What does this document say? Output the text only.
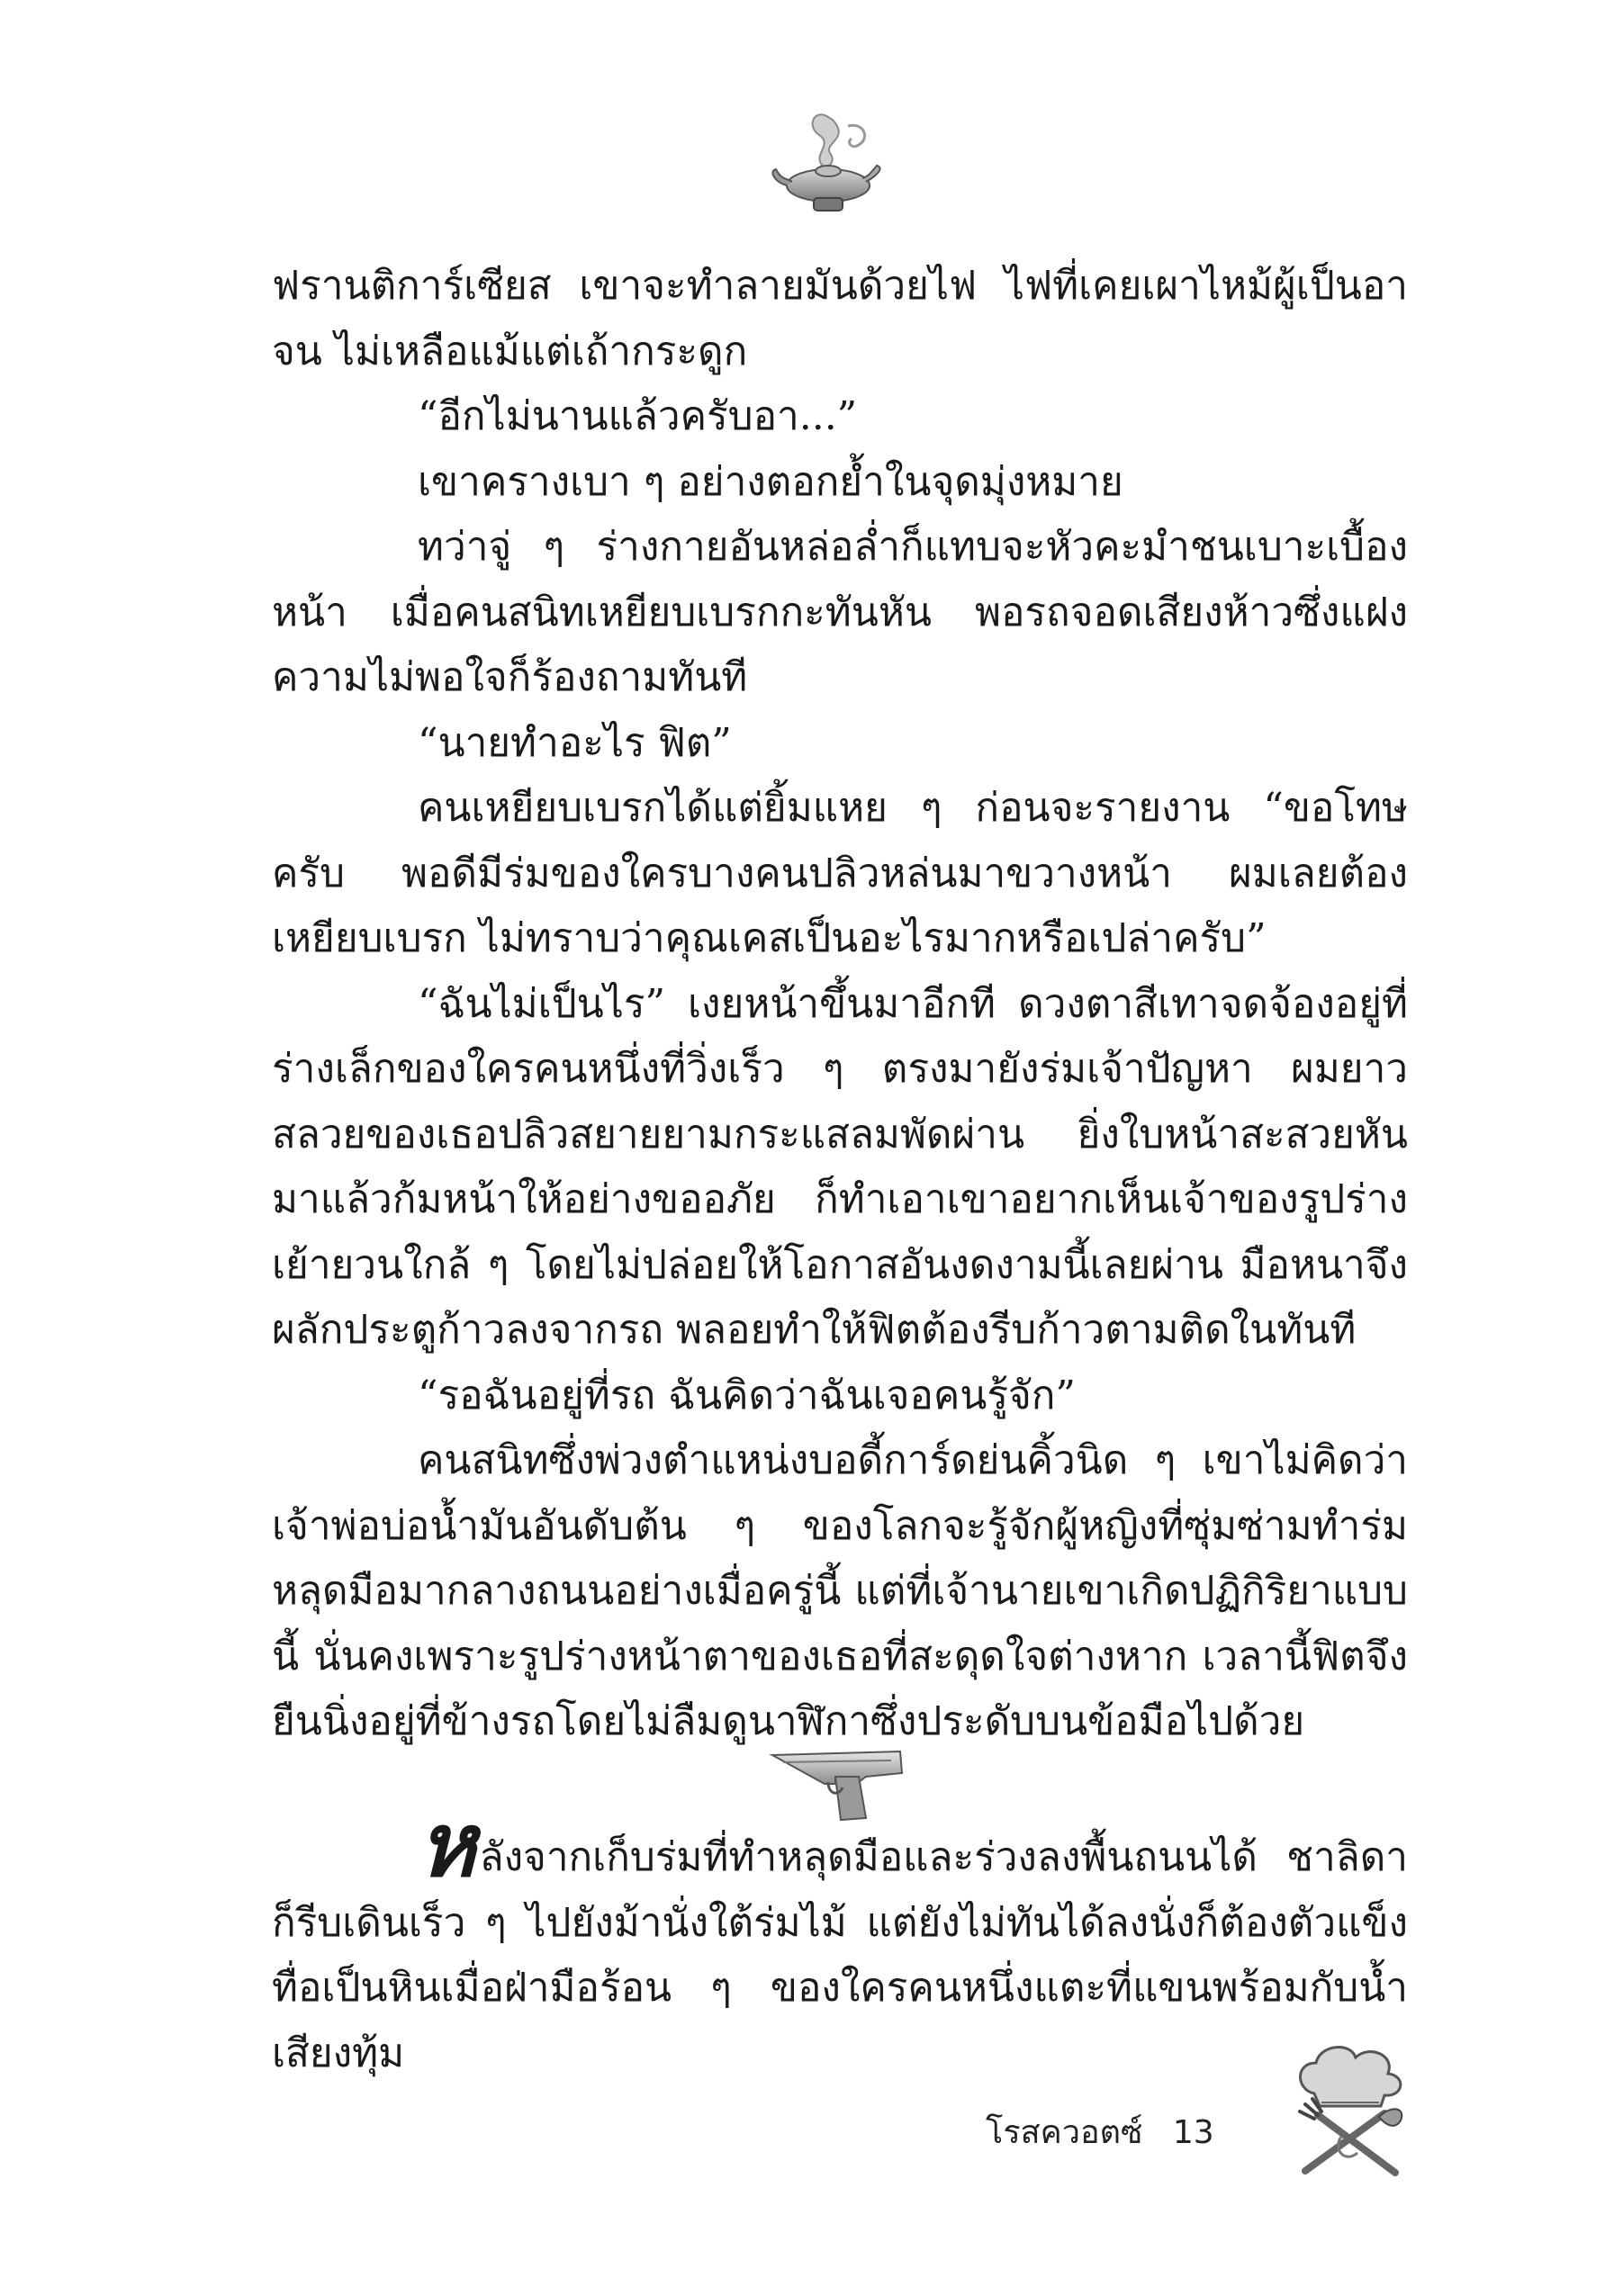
ฟรานติการ์เซียส เขาจะทำลายมันด้วยไฟ ไฟที่เคยเผาไหม้ผู้เป็นอาจน ไม่เหลือแม้แต่เถ้ากระดูก

“อีกไม่นานแล้วครับอา...”

เขาครางเบา ๆ อย่างตอกย้ำในจุดมุ่งหมาย

ทว่าจู่ ๆ ร่างกายอันหล่อล่ำก็แทบจะหัวคะมำชนเบาะเบื้องหน้า เมื่อคนสนิทเหยียบเบรกกะทันหัน พอรถจอดเสียงห้าวซึ่งแฝงความไม่พอใจก็ร้องถามทันที

“นายทำอะไร ฟิต”

คนเหยียบเบรกได้แต่ยิ้มแหย ๆ ก่อนจะรายงาน “ขอโทษครับ พอดีมีร่มของใครบางคนปลิวหล่นมาขวางหน้า ผมเลยต้องเหยียบเบรก ไม่ทราบว่าคุณเคสเป็นอะไรมากหรือเปล่าครับ”

“ฉันไม่เป็นไร” เงยหน้าขึ้นมาอีกที ดวงตาสีเทาจดจ้องอยู่ที่ร่างเล็กของใครคนหนึ่งที่วิ่งเร็ว ๆ ตรงมายังร่มเจ้าปัญหา ผมยาวสลวยของเธอปลิวสยายยามกระแสลมพัดผ่าน ยิ่งใบหน้าสะสวยหันมาแล้วก้มหน้าให้อย่างขออภัย ก็ทำเอาเขาอยากเห็นเจ้าของรูปร่างเย้ายวนใกล้ ๆ โดยไม่ปล่อยให้โอกาสอันงดงามนี้เลยผ่าน มือหนาจึงผลักประตูก้าวลงจากรถ พลอยทำให้ฟิตต้องรีบก้าวตามติดในทันที

“รอฉันอยู่ที่รถ ฉันคิดว่าฉันเจอคนรู้จัก”

คนสนิทซึ่งพ่วงตำแหน่งบอดี้การ์ดย่นคิ้วนิด ๆ เขาไม่คิดว่าเจ้าพ่อบ่อน้ำมันอันดับต้น ๆ ของโลกจะรู้จักผู้หญิงที่ซุ่มซ่ามทำร่มหลุดมือมากลางถนนอย่างเมื่อครู่นี้ แต่ที่เจ้านายเขาเกิดปฏิกิริยาแบบนี้ นั่นคงเพราะรูปร่างหน้าตาของเธอที่สะดุดใจต่างหาก เวลานี้ฟิตจึงยืนนิ่งอยู่ที่ข้างรถโดยไม่ลืมดูนาฬิกาซึ่งประดับบนข้อมือไปด้วย

หลังจากเก็บร่มที่ทำหลุดมือและร่วงลงพื้นถนนได้ ชาลิดาก็รีบเดินเร็ว ๆ ไปยังม้านั่งใต้ร่มไม้ แต่ยังไม่ทันได้ลงนั่งก็ต้องตัวแข็งทื่อเป็นหินเมื่อฝ่ามือร้อน ๆ ของใครคนหนึ่งแตะที่แขนพร้อมกับน้ำเสียงทุ้ม

โรสควอตซ์ 13
